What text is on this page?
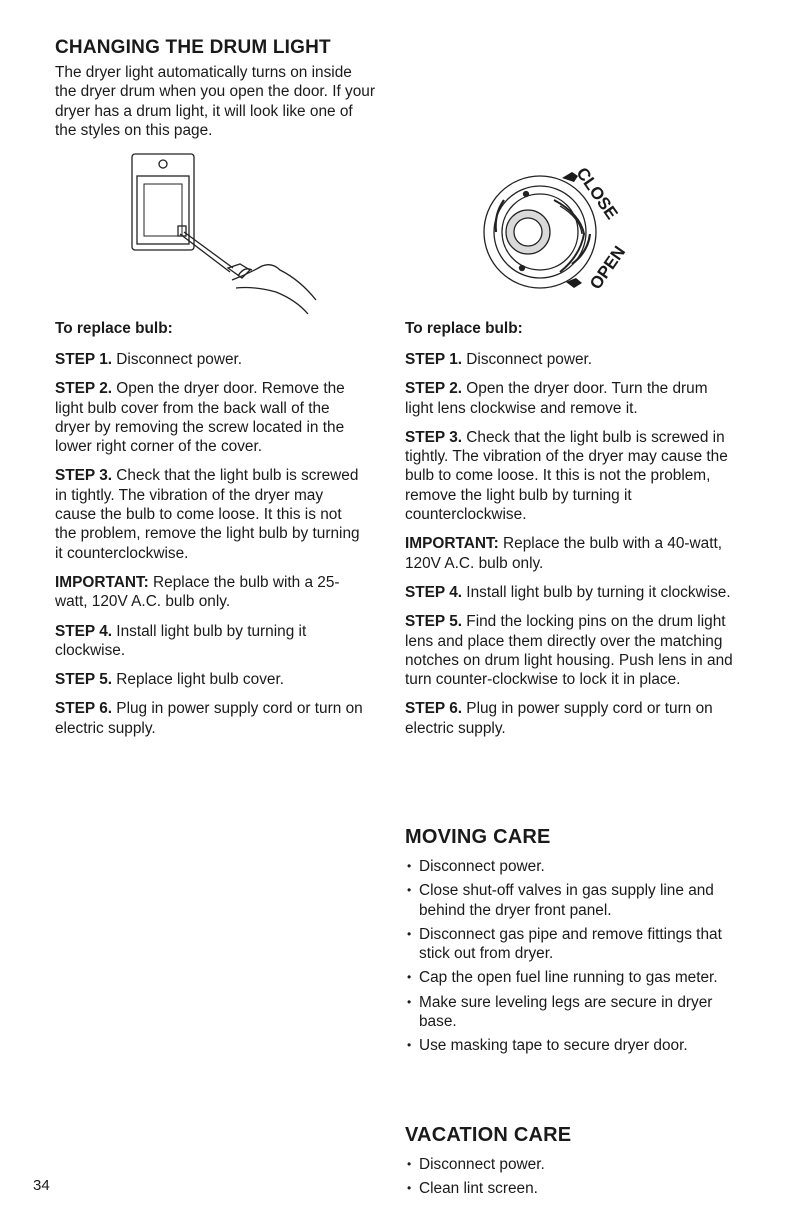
CHANGING THE DRUM LIGHT

The dryer light automatically turns on inside the dryer drum when you open the door. If your dryer has a drum light, it will look like one of the styles on this page.

CLOSE
OPEN

To replace bulb:

STEP 1. Disconnect power.

STEP 2. Open the dryer door. Remove the light bulb cover from the back wall of the dryer by removing the screw located in the lower right corner of the cover.

STEP 3. Check that the light bulb is screwed in tightly. The vibration of the dryer may cause the bulb to come loose. It this is not the problem, remove the light bulb by turning it counterclockwise.

IMPORTANT: Replace the bulb with a 25-watt, 120V A.C. bulb only.

STEP 4. Install light bulb by turning it clockwise.

STEP 5. Replace light bulb cover.

STEP 6. Plug in power supply cord or turn on electric supply.

To replace bulb:

STEP 1. Disconnect power.

STEP 2. Open the dryer door. Turn the drum light lens clockwise and remove it.

STEP 3. Check that the light bulb is screwed in tightly. The vibration of the dryer may cause the bulb to come loose. It this is not the problem, remove the light bulb by turning it counterclockwise.

IMPORTANT: Replace the bulb with a 40-watt, 120V A.C. bulb only.

STEP 4. Install light bulb by turning it clockwise.

STEP 5. Find the locking pins on the drum light lens and place them directly over the matching notches on drum light housing. Push lens in and turn counter-clockwise to lock it in place.

STEP 6. Plug in power supply cord or turn on electric supply.

MOVING CARE
• Disconnect power.
• Close shut-off valves in gas supply line and behind the dryer front panel.
• Disconnect gas pipe and remove fittings that stick out from dryer.
• Cap the open fuel line running to gas meter.
• Make sure leveling legs are secure in dryer base.
• Use masking tape to secure dryer door.
VACATION CARE
• Disconnect power.
• Clean lint screen.
34
